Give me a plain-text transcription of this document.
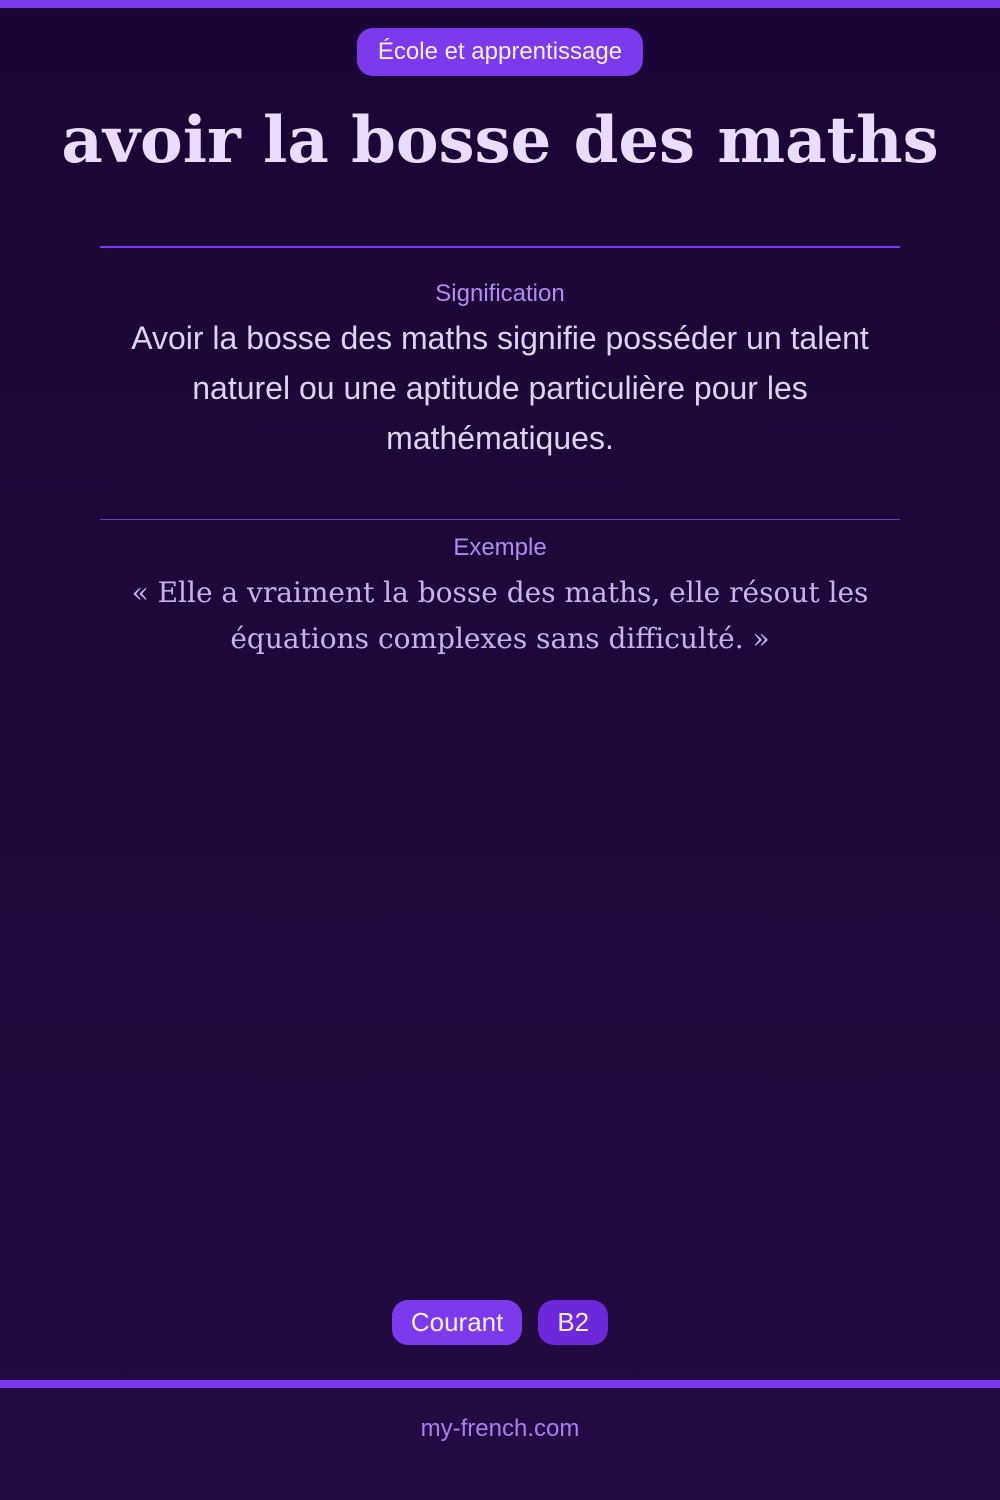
École et apprentissage
avoir la bosse des maths
Signification

Avoir la bosse des maths signifie posséder un talent naturel ou une aptitude particulière pour les mathématiques.

Exemple

« Elle a vraiment la bosse des maths, elle résout les équations complexes sans difficulté. »

Courant	B2
my-french.com
